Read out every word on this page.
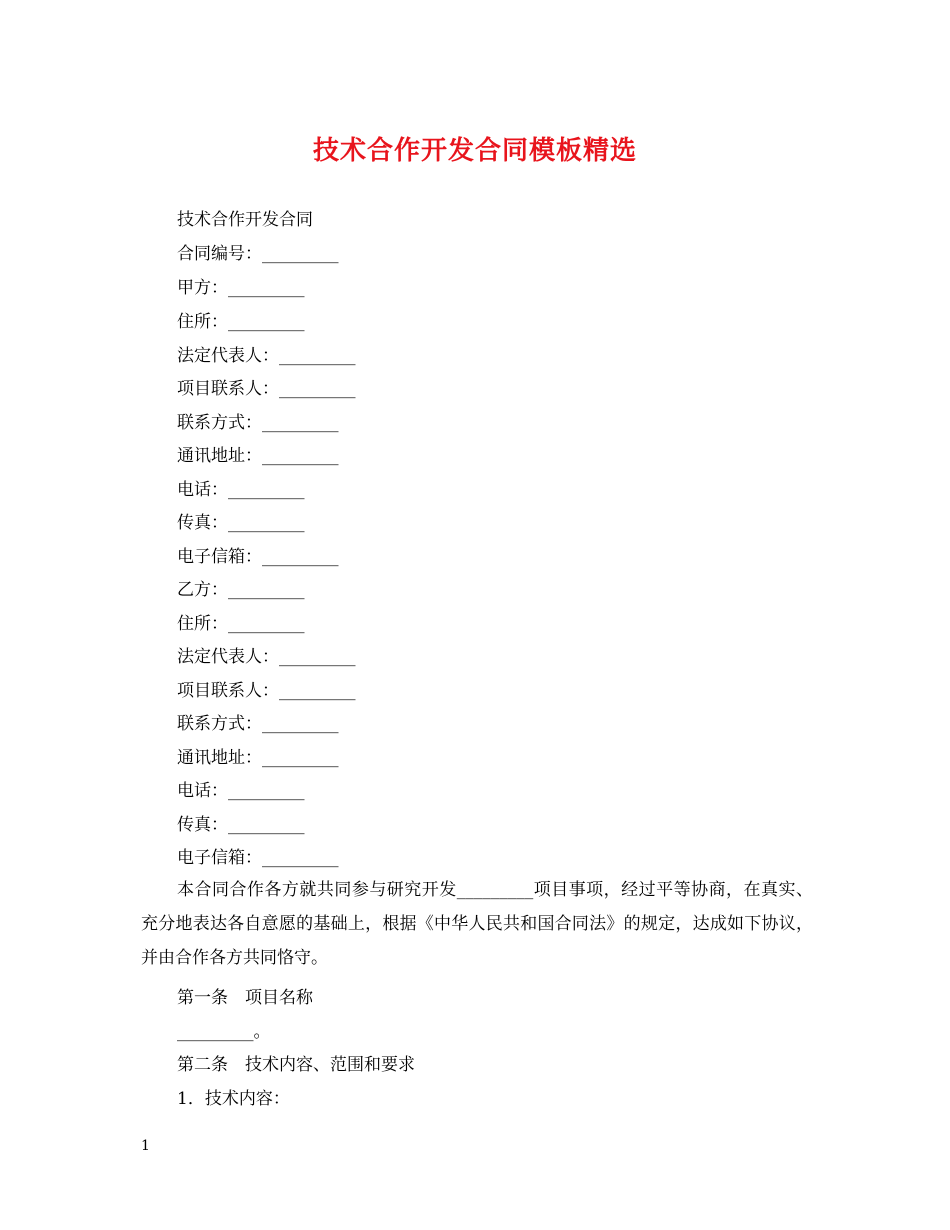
技术合作开发合同模板精选
技术合作开发合同
合同编号：_________
甲方：_________
住所：_________
法定代表人：_________
项目联系人：_________
联系方式：_________
通讯地址：_________
电话：_________
传真：_________
电子信箱：_________
乙方：_________
住所：_________
法定代表人：_________
项目联系人：_________
联系方式：_________
通讯地址：_________
电话：_________
传真：_________
电子信箱：_________
本合同合作各方就共同参与研究开发_________项目事项，经过平等协商，在真实、充分地表达各自意愿的基础上，根据《中华人民共和国合同法》的规定，达成如下协议，并由合作各方共同恪守。
第一条　项目名称
_________。
第二条　技术内容、范围和要求
1．技术内容：
1
